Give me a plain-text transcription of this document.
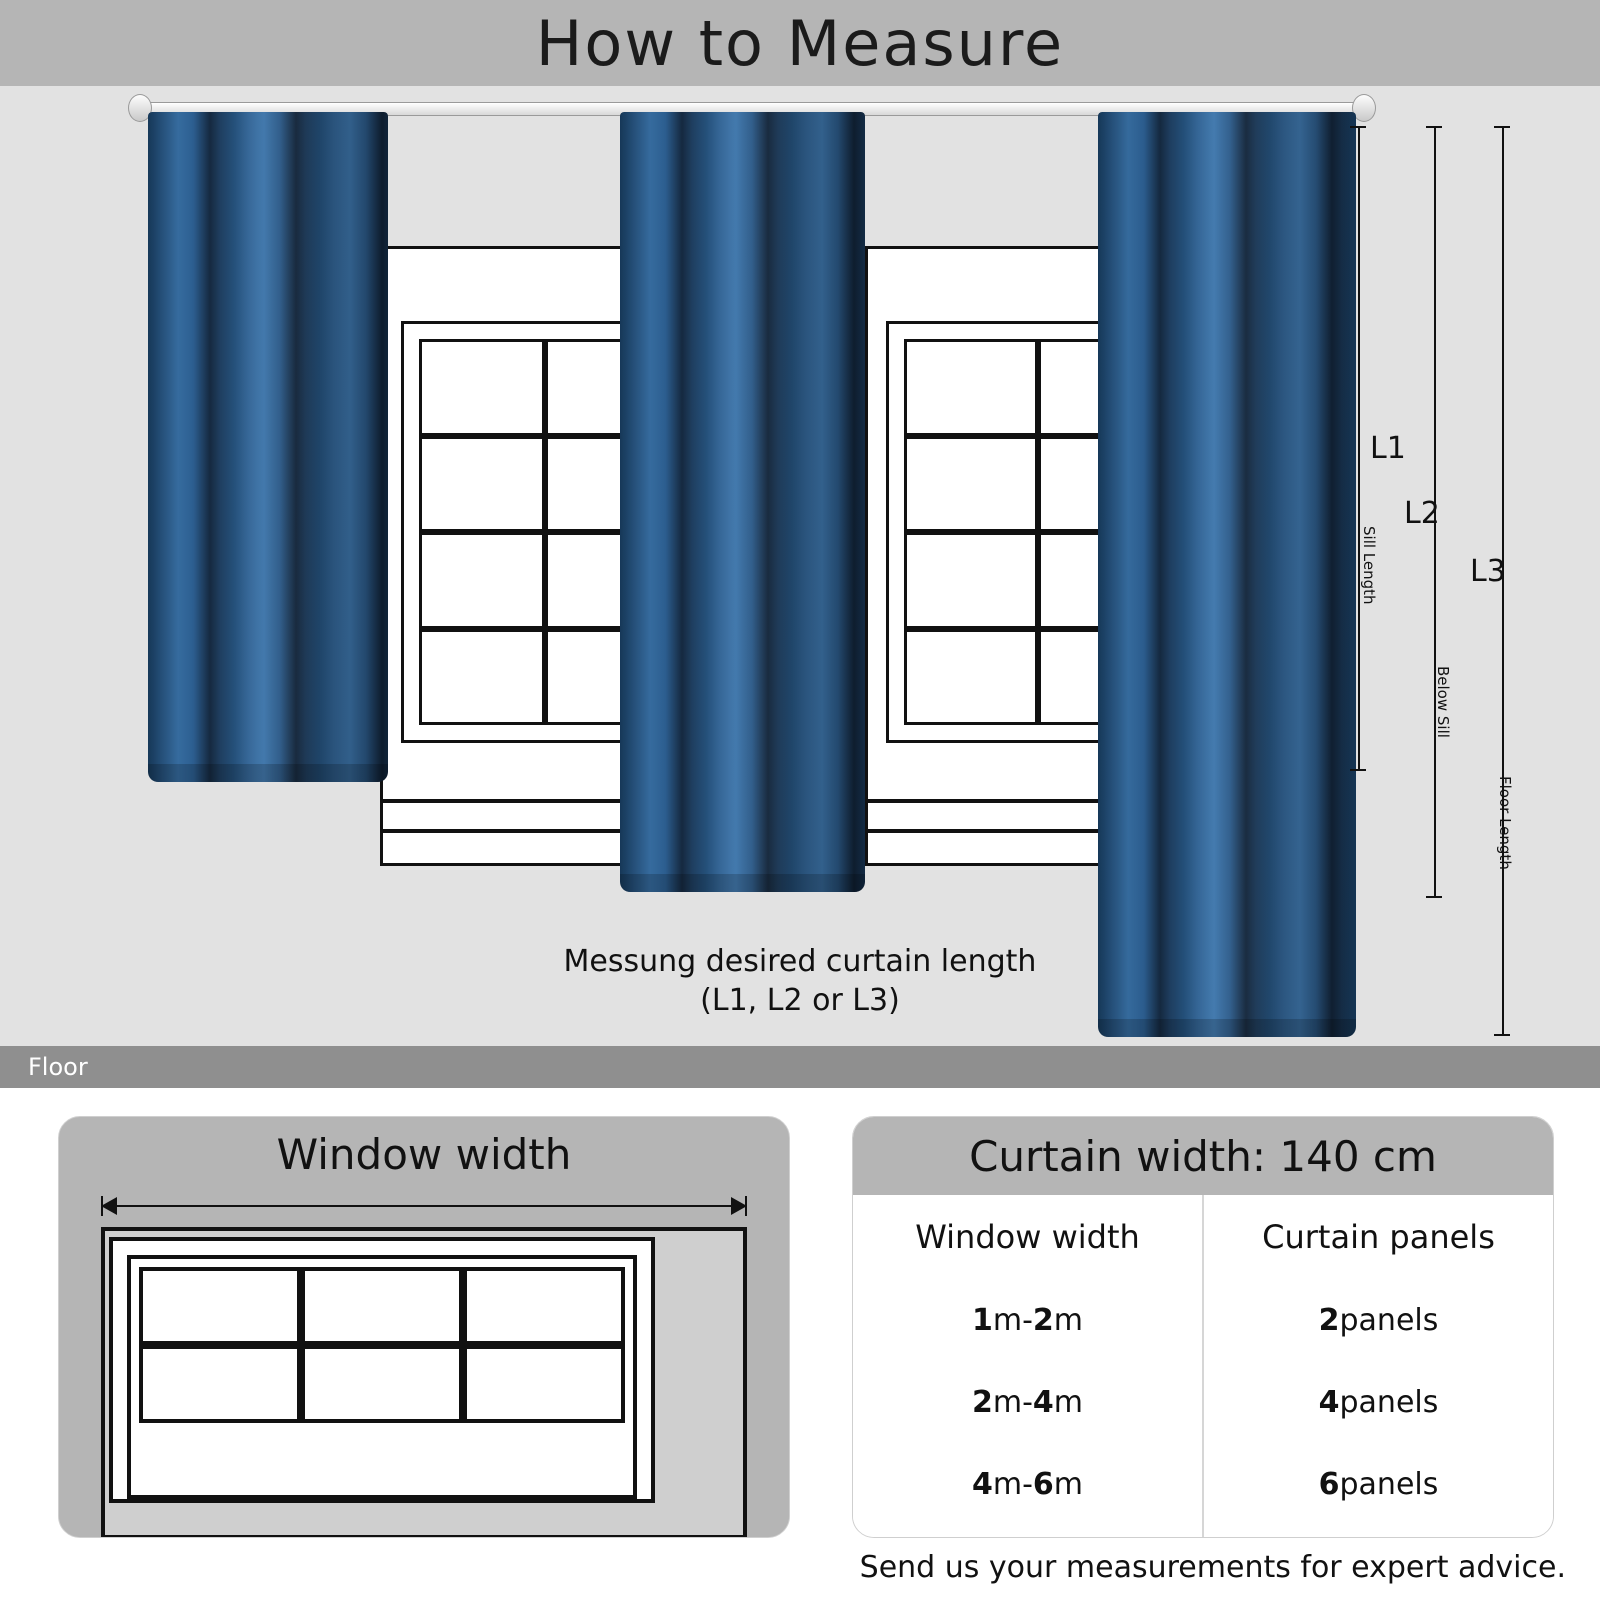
How to Measure
L1
Sill Length
L2
Below Sill
L3
Floor Length
Messung desired curtain length
(L1, L2 or L3)
Floor
Window width	Curtain width: 140 cm
Window width
1 m- 2 m
2 m- 4 m
4 m- 6 m
Curtain panels
2 panels
4 panels
6 panels
Send us your measurements for expert advice.
